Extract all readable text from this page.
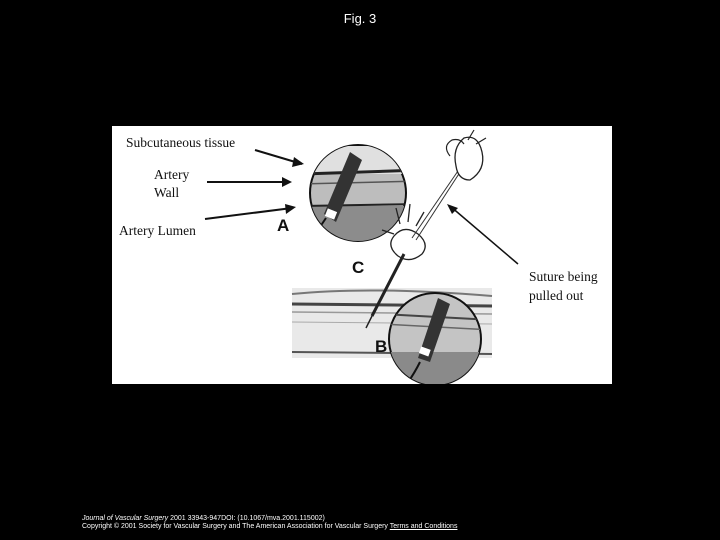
Fig. 3
Subcutaneous tissue
Artery
Wall
Artery Lumen
Suture being
pulled out
A
C
B
Journal of Vascular Surgery 2001 33943-947DOI: (10.1067/mva.2001.115002)
Copyright © 2001 Society for Vascular Surgery and The American Association for Vascular Surgery Terms and Conditions
